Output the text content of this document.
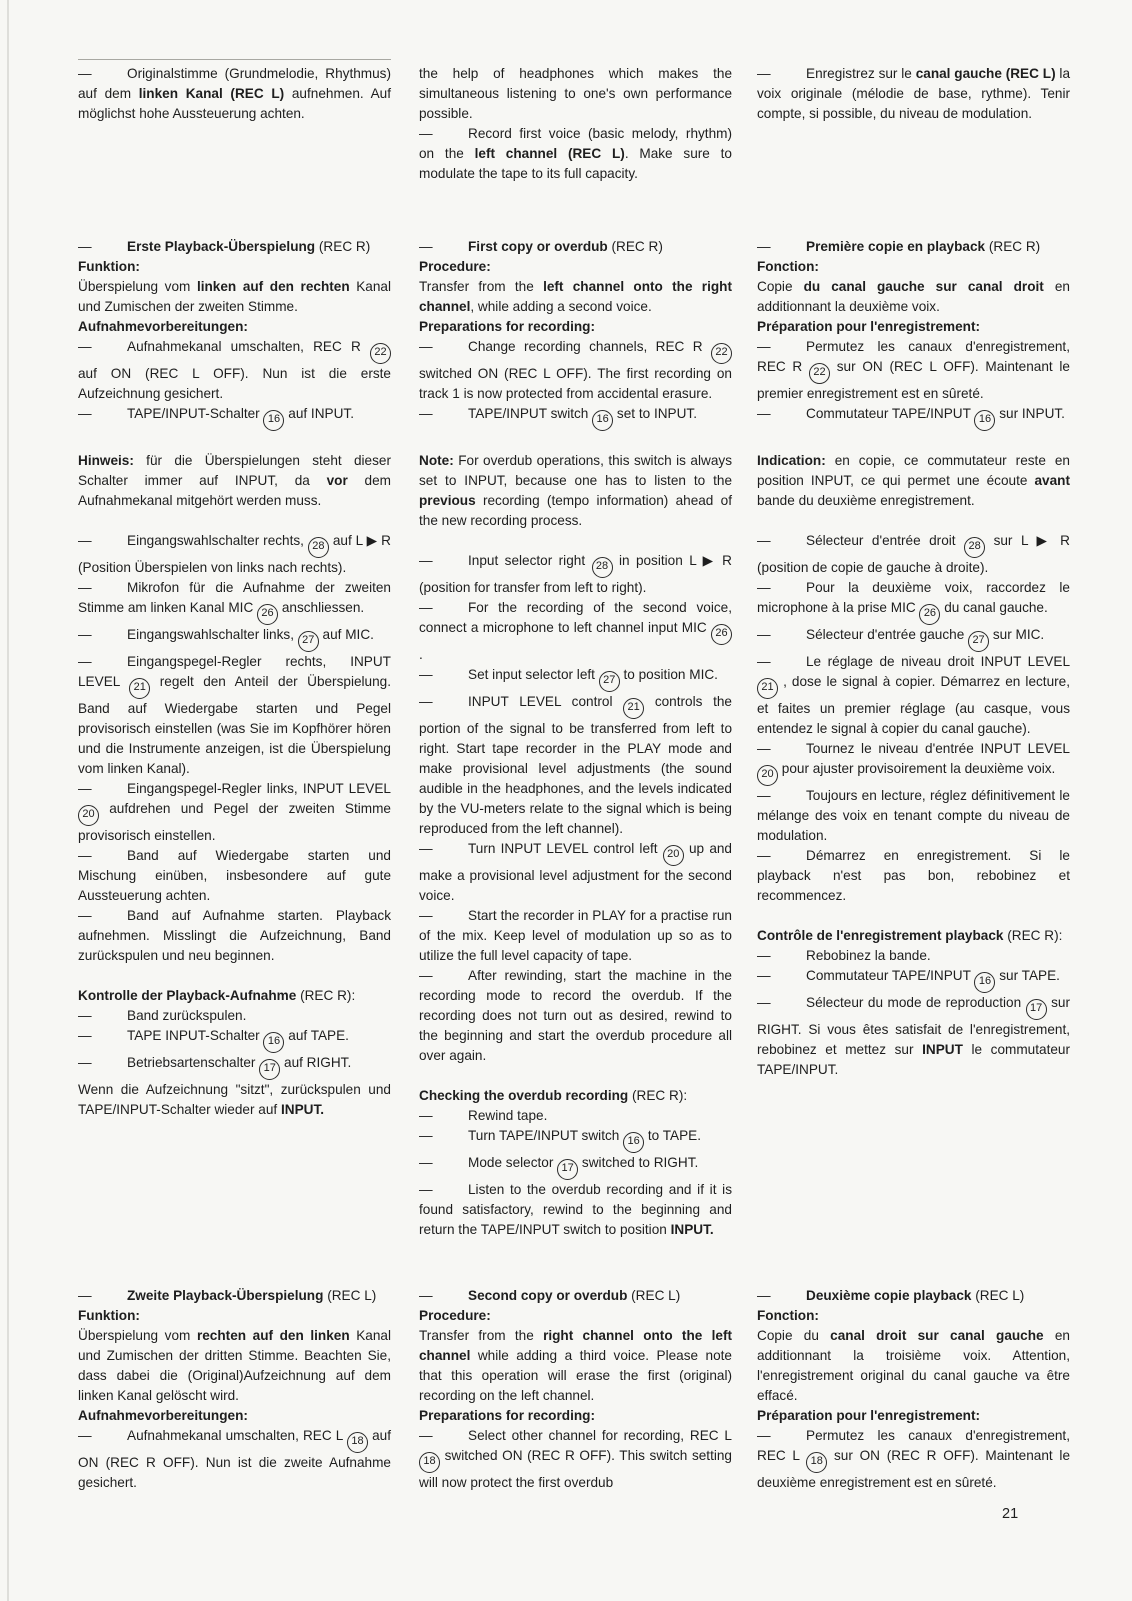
—	Originalstimme (Grundmelodie, Rhythmus) auf dem linken Kanal (REC L) aufnehmen. Auf möglichst hohe Aussteuerung achten.
—	Erste Playback-Überspielung (REC R)
Funktion:
Überspielung vom linken auf den rechten Kanal und Zumischen der zweiten Stimme.
Aufnahmevorbereitungen:
—	Aufnahmekanal umschalten, REC R 22 auf ON (REC L OFF). Nun ist die erste Aufzeichnung gesichert.
—	TAPE/INPUT-Schalter 16 auf INPUT.
Hinweis: für die Überspielungen steht dieser Schalter immer auf INPUT, da vor dem Aufnahmekanal mitgehört werden muss.
—	Eingangswahlschalter rechts, 28 auf L ▶ R (Position Überspielen von links nach rechts).
—	Mikrofon für die Aufnahme der zweiten Stimme am linken Kanal MIC 26 anschliessen.
—	Eingangswahlschalter links, 27 auf MIC.
—	Eingangspegel-Regler rechts, INPUT LEVEL 21 regelt den Anteil der Überspielung. Band auf Wiedergabe starten und Pegel provisorisch einstellen (was Sie im Kopfhörer hören und die Instrumente anzeigen, ist die Überspielung vom linken Kanal).
—	Eingangspegel-Regler links, INPUT LEVEL 20 aufdrehen und Pegel der zweiten Stimme provisorisch einstellen.
—	Band auf Wiedergabe starten und Mischung einüben, insbesondere auf gute Aussteuerung achten.
—	Band auf Aufnahme starten. Playback aufnehmen. Misslingt die Aufzeichnung, Band zurückspulen und neu beginnen.
Kontrolle der Playback-Aufnahme (REC R):
—	Band zurückspulen.
—	TAPE INPUT-Schalter 16 auf TAPE.
—	Betriebsartenschalter 17 auf RIGHT.
Wenn die Aufzeichnung "sitzt", zurückspulen und TAPE/INPUT-Schalter wieder auf INPUT.
—	Zweite Playback-Überspielung (REC L)
Funktion:
Überspielung vom rechten auf den linken Kanal und Zumischen der dritten Stimme. Beachten Sie, dass dabei die (Original)Aufzeichnung auf dem linken Kanal gelöscht wird.
Aufnahmevorbereitungen:
—	Aufnahmekanal umschalten, REC L 18 auf ON (REC R OFF). Nun ist die zweite Aufnahme gesichert.
the help of headphones which makes the simultaneous listening to one's own performance possible.
—	Record first voice (basic melody, rhythm) on the left channel (REC L). Make sure to modulate the tape to its full capacity.
—	First copy or overdub (REC R)
Procedure:
Transfer from the left channel onto the right channel, while adding a second voice.
Preparations for recording:
—	Change recording channels, REC R 22 switched ON (REC L OFF). The first recording on track 1 is now protected from accidental erasure.
—	TAPE/INPUT switch 16 set to INPUT.
Note: For overdub operations, this switch is always set to INPUT, because one has to listen to the previous recording (tempo information) ahead of the new recording process.
—	Input selector right 28 in position L ▶ R (position for transfer from left to right).
—	For the recording of the second voice, connect a microphone to left channel input MIC 26 .
—	Set input selector left 27 to position MIC.
—	INPUT LEVEL control 21 controls the portion of the signal to be transferred from left to right. Start tape recorder in the PLAY mode and make provisional level adjustments (the sound audible in the headphones, and the levels indicated by the VU-meters relate to the signal which is being reproduced from the left channel).
—	Turn INPUT LEVEL control left 20 up and make a provisional level adjustment for the second voice.
—	Start the recorder in PLAY for a practise run of the mix. Keep level of modulation up so as to utilize the full level capacity of tape.
—	After rewinding, start the machine in the recording mode to record the overdub. If the recording does not turn out as desired, rewind to the beginning and start the overdub procedure all over again.
Checking the overdub recording (REC R):
—	Rewind tape.
—	Turn TAPE/INPUT switch 16 to TAPE.
—	Mode selector 17 switched to RIGHT.
—	Listen to the overdub recording and if it is found satisfactory, rewind to the beginning and return the TAPE/INPUT switch to position INPUT.
—	Second copy or overdub (REC L)
Procedure:
Transfer from the right channel onto the left channel while adding a third voice. Please note that this operation will erase the first (original) recording on the left channel.
Preparations for recording:
—	Select other channel for recording, REC L 18 switched ON (REC R OFF). This switch setting will now protect the first overdub
—	Enregistrez sur le canal gauche (REC L) la voix originale (mélodie de base, rythme). Tenir compte, si possible, du niveau de modulation.
—	Première copie en playback (REC R)
Fonction:
Copie du canal gauche sur canal droit en additionnant la deuxième voix.
Préparation pour l'enregistrement:
—	Permutez les canaux d'enregistrement, REC R 22 sur ON (REC L OFF). Maintenant le premier enregistrement est en sûreté.
—	Commutateur TAPE/INPUT 16 sur INPUT.
Indication: en copie, ce commutateur reste en position INPUT, ce qui permet une écoute avant bande du deuxième enregistrement.
—	Sélecteur d'entrée droit 28 sur L ▶ R (position de copie de gauche à droite).
—	Pour la deuxième voix, raccordez le microphone à la prise MIC 26 du canal gauche.
—	Sélecteur d'entrée gauche 27 sur MIC.
—	Le réglage de niveau droit INPUT LEVEL 21 , dose le signal à copier. Démarrez en lecture, et faites un premier réglage (au casque, vous entendez le signal à copier du canal gauche).
—	Tournez le niveau d'entrée INPUT LEVEL 20 pour ajuster provisoirement la deuxième voix.
—	Toujours en lecture, réglez définitivement le mélange des voix en tenant compte du niveau de modulation.
—	Démarrez en enregistrement. Si le playback n'est pas bon, rebobinez et recommencez.
Contrôle de l'enregistrement playback (REC R):
—	Rebobinez la bande.
—	Commutateur TAPE/INPUT 16 sur TAPE.
—	Sélecteur du mode de reproduction 17 sur RIGHT. Si vous êtes satisfait de l'enregistrement, rebobinez et mettez sur INPUT le commutateur TAPE/INPUT.
—	Deuxième copie playback (REC L)
Fonction:
Copie du canal droit sur canal gauche en additionnant la troisième voix. Attention, l'enregistrement original du canal gauche va être effacé.
Préparation pour l'enregistrement:
—	Permutez les canaux d'enregistrement, REC L 18 sur ON (REC R OFF). Maintenant le deuxième enregistrement est en sûreté.
21
